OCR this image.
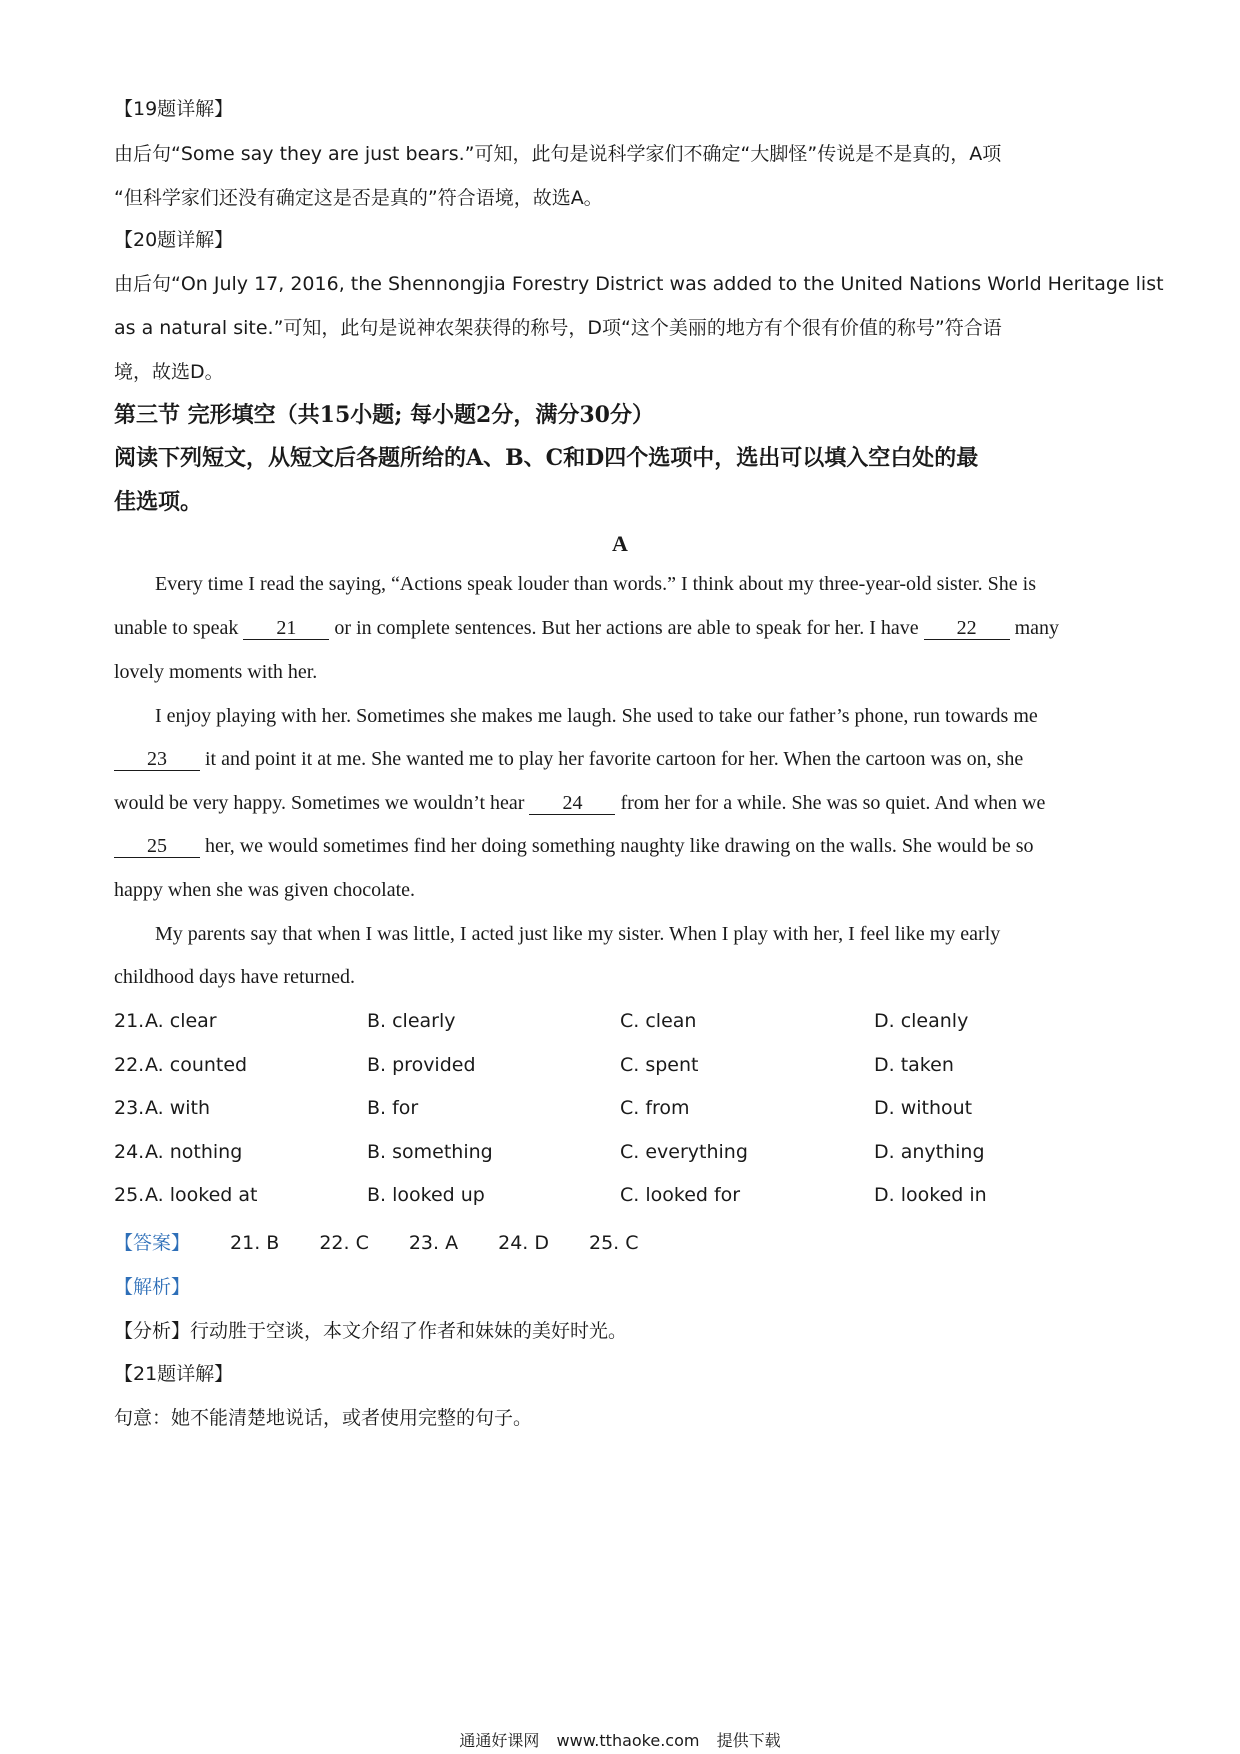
【19题详解】
由后句“Some say they are just bears.”可知，此句是说科学家们不确定“大脚怪”传说是不是真的，A项
“但科学家们还没有确定这是否是真的”符合语境，故选A。
【20题详解】
由后句“On July 17, 2016, the Shennongjia Forestry District was added to the United Nations World Heritage list
as a natural site.”可知，此句是说神农架获得的称号，D项“这个美丽的地方有个很有价值的称号”符合语
境，故选D。
第三节 完形填空（共15小题; 每小题2分，满分30分）
阅读下列短文，从短文后各题所给的A、B、C和D四个选项中，选出可以填入空白处的最
佳选项。
A
Every time I read the saying, “Actions speak louder than words.” I think about my three-year-old sister. She is
unable to speak 21 or in complete sentences. But her actions are able to speak for her. I have 22 many
lovely moments with her.
I enjoy playing with her. Sometimes she makes me laugh. She used to take our father’s phone, run towards me
23 it and point it at me. She wanted me to play her favorite cartoon for her. When the cartoon was on, she
would be very happy. Sometimes we wouldn’t hear 24 from her for a while. She was so quiet. And when we
25 her, we would sometimes find her doing something naughty like drawing on the walls. She would be so
happy when she was given chocolate.
My parents say that when I was little, I acted just like my sister. When I play with her, I feel like my early
childhood days have returned.
21. A. clear	B. clearly	C. clean	D. cleanly
22. A. counted	B. provided	C. spent	D. taken
23. A. with	B. for	C. from	D. without
24. A. nothing	B. something	C. everything	D. anything
25. A. looked at	B. looked up	C. looked for	D. looked in
【答案】 21. B 22. C 23. A 24. D 25. C
【解析】
【分析】行动胜于空谈，本文介绍了作者和妹妹的美好时光。
【21题详解】
句意：她不能清楚地说话，或者使用完整的句子。
通通好课网 www.tthaoke.com 提供下载
